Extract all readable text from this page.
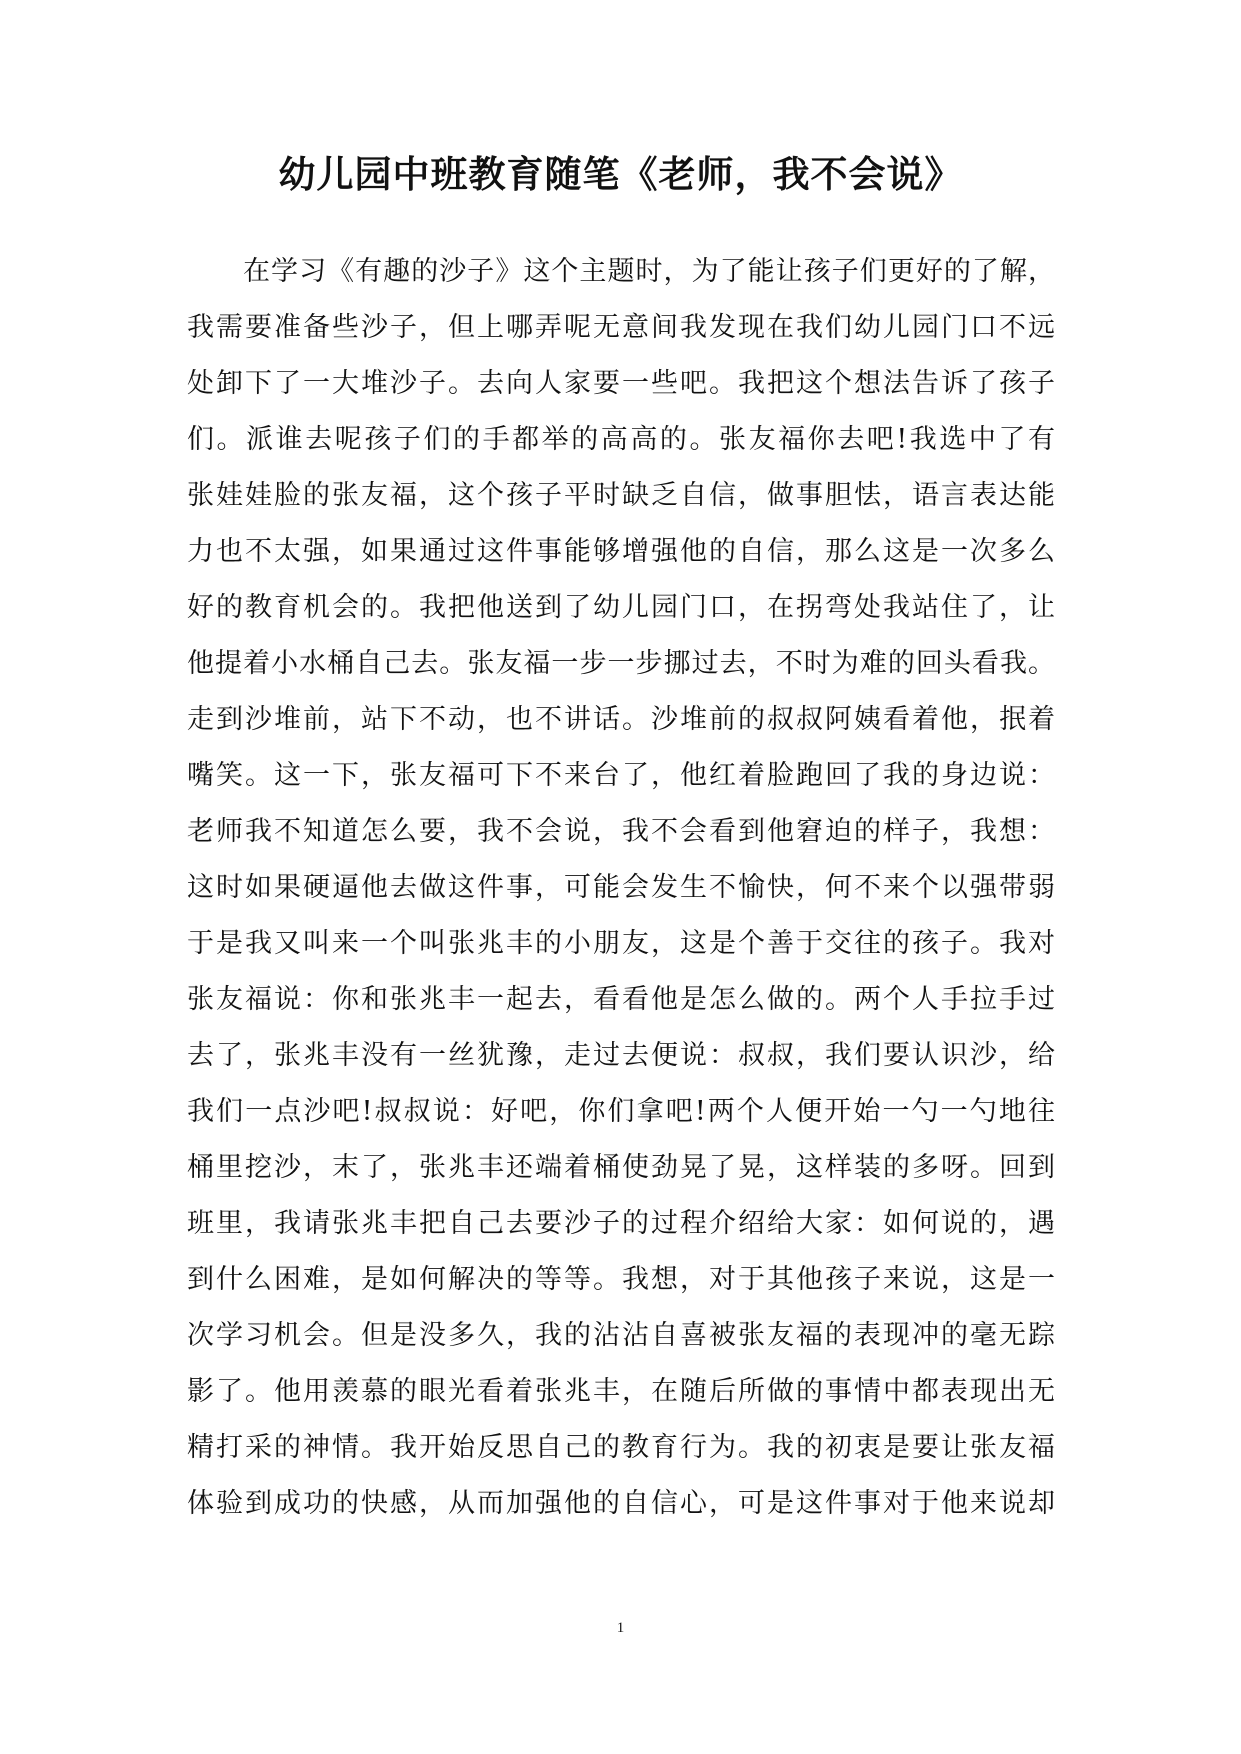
幼儿园中班教育随笔《老师，我不会说》
在学习《有趣的沙子》这个主题时，为了能让孩子们更好的了解，
我需要准备些沙子，但上哪弄呢无意间我发现在我们幼儿园门口不远
处卸下了一大堆沙子。去向人家要一些吧。我把这个想法告诉了孩子
们。派谁去呢孩子们的手都举的高高的。张友福你去吧!我选中了有
张娃娃脸的张友福，这个孩子平时缺乏自信，做事胆怯，语言表达能
力也不太强，如果通过这件事能够增强他的自信，那么这是一次多么
好的教育机会的。我把他送到了幼儿园门口，在拐弯处我站住了，让
他提着小水桶自己去。张友福一步一步挪过去，不时为难的回头看我。
走到沙堆前，站下不动，也不讲话。沙堆前的叔叔阿姨看着他，抿着
嘴笑。这一下，张友福可下不来台了，他红着脸跑回了我的身边说：
老师我不知道怎么要，我不会说，我不会看到他窘迫的样子，我想：
这时如果硬逼他去做这件事，可能会发生不愉快，何不来个以强带弱
于是我又叫来一个叫张兆丰的小朋友，这是个善于交往的孩子。我对
张友福说：你和张兆丰一起去，看看他是怎么做的。两个人手拉手过
去了，张兆丰没有一丝犹豫，走过去便说：叔叔，我们要认识沙，给
我们一点沙吧!叔叔说：好吧，你们拿吧!两个人便开始一勺一勺地往
桶里挖沙，末了，张兆丰还端着桶使劲晃了晃，这样装的多呀。回到
班里，我请张兆丰把自己去要沙子的过程介绍给大家：如何说的，遇
到什么困难，是如何解决的等等。我想，对于其他孩子来说，这是一
次学习机会。但是没多久，我的沾沾自喜被张友福的表现冲的毫无踪
影了。他用羡慕的眼光看着张兆丰，在随后所做的事情中都表现出无
精打采的神情。我开始反思自己的教育行为。我的初衷是要让张友福
体验到成功的快感，从而加强他的自信心，可是这件事对于他来说却
1
